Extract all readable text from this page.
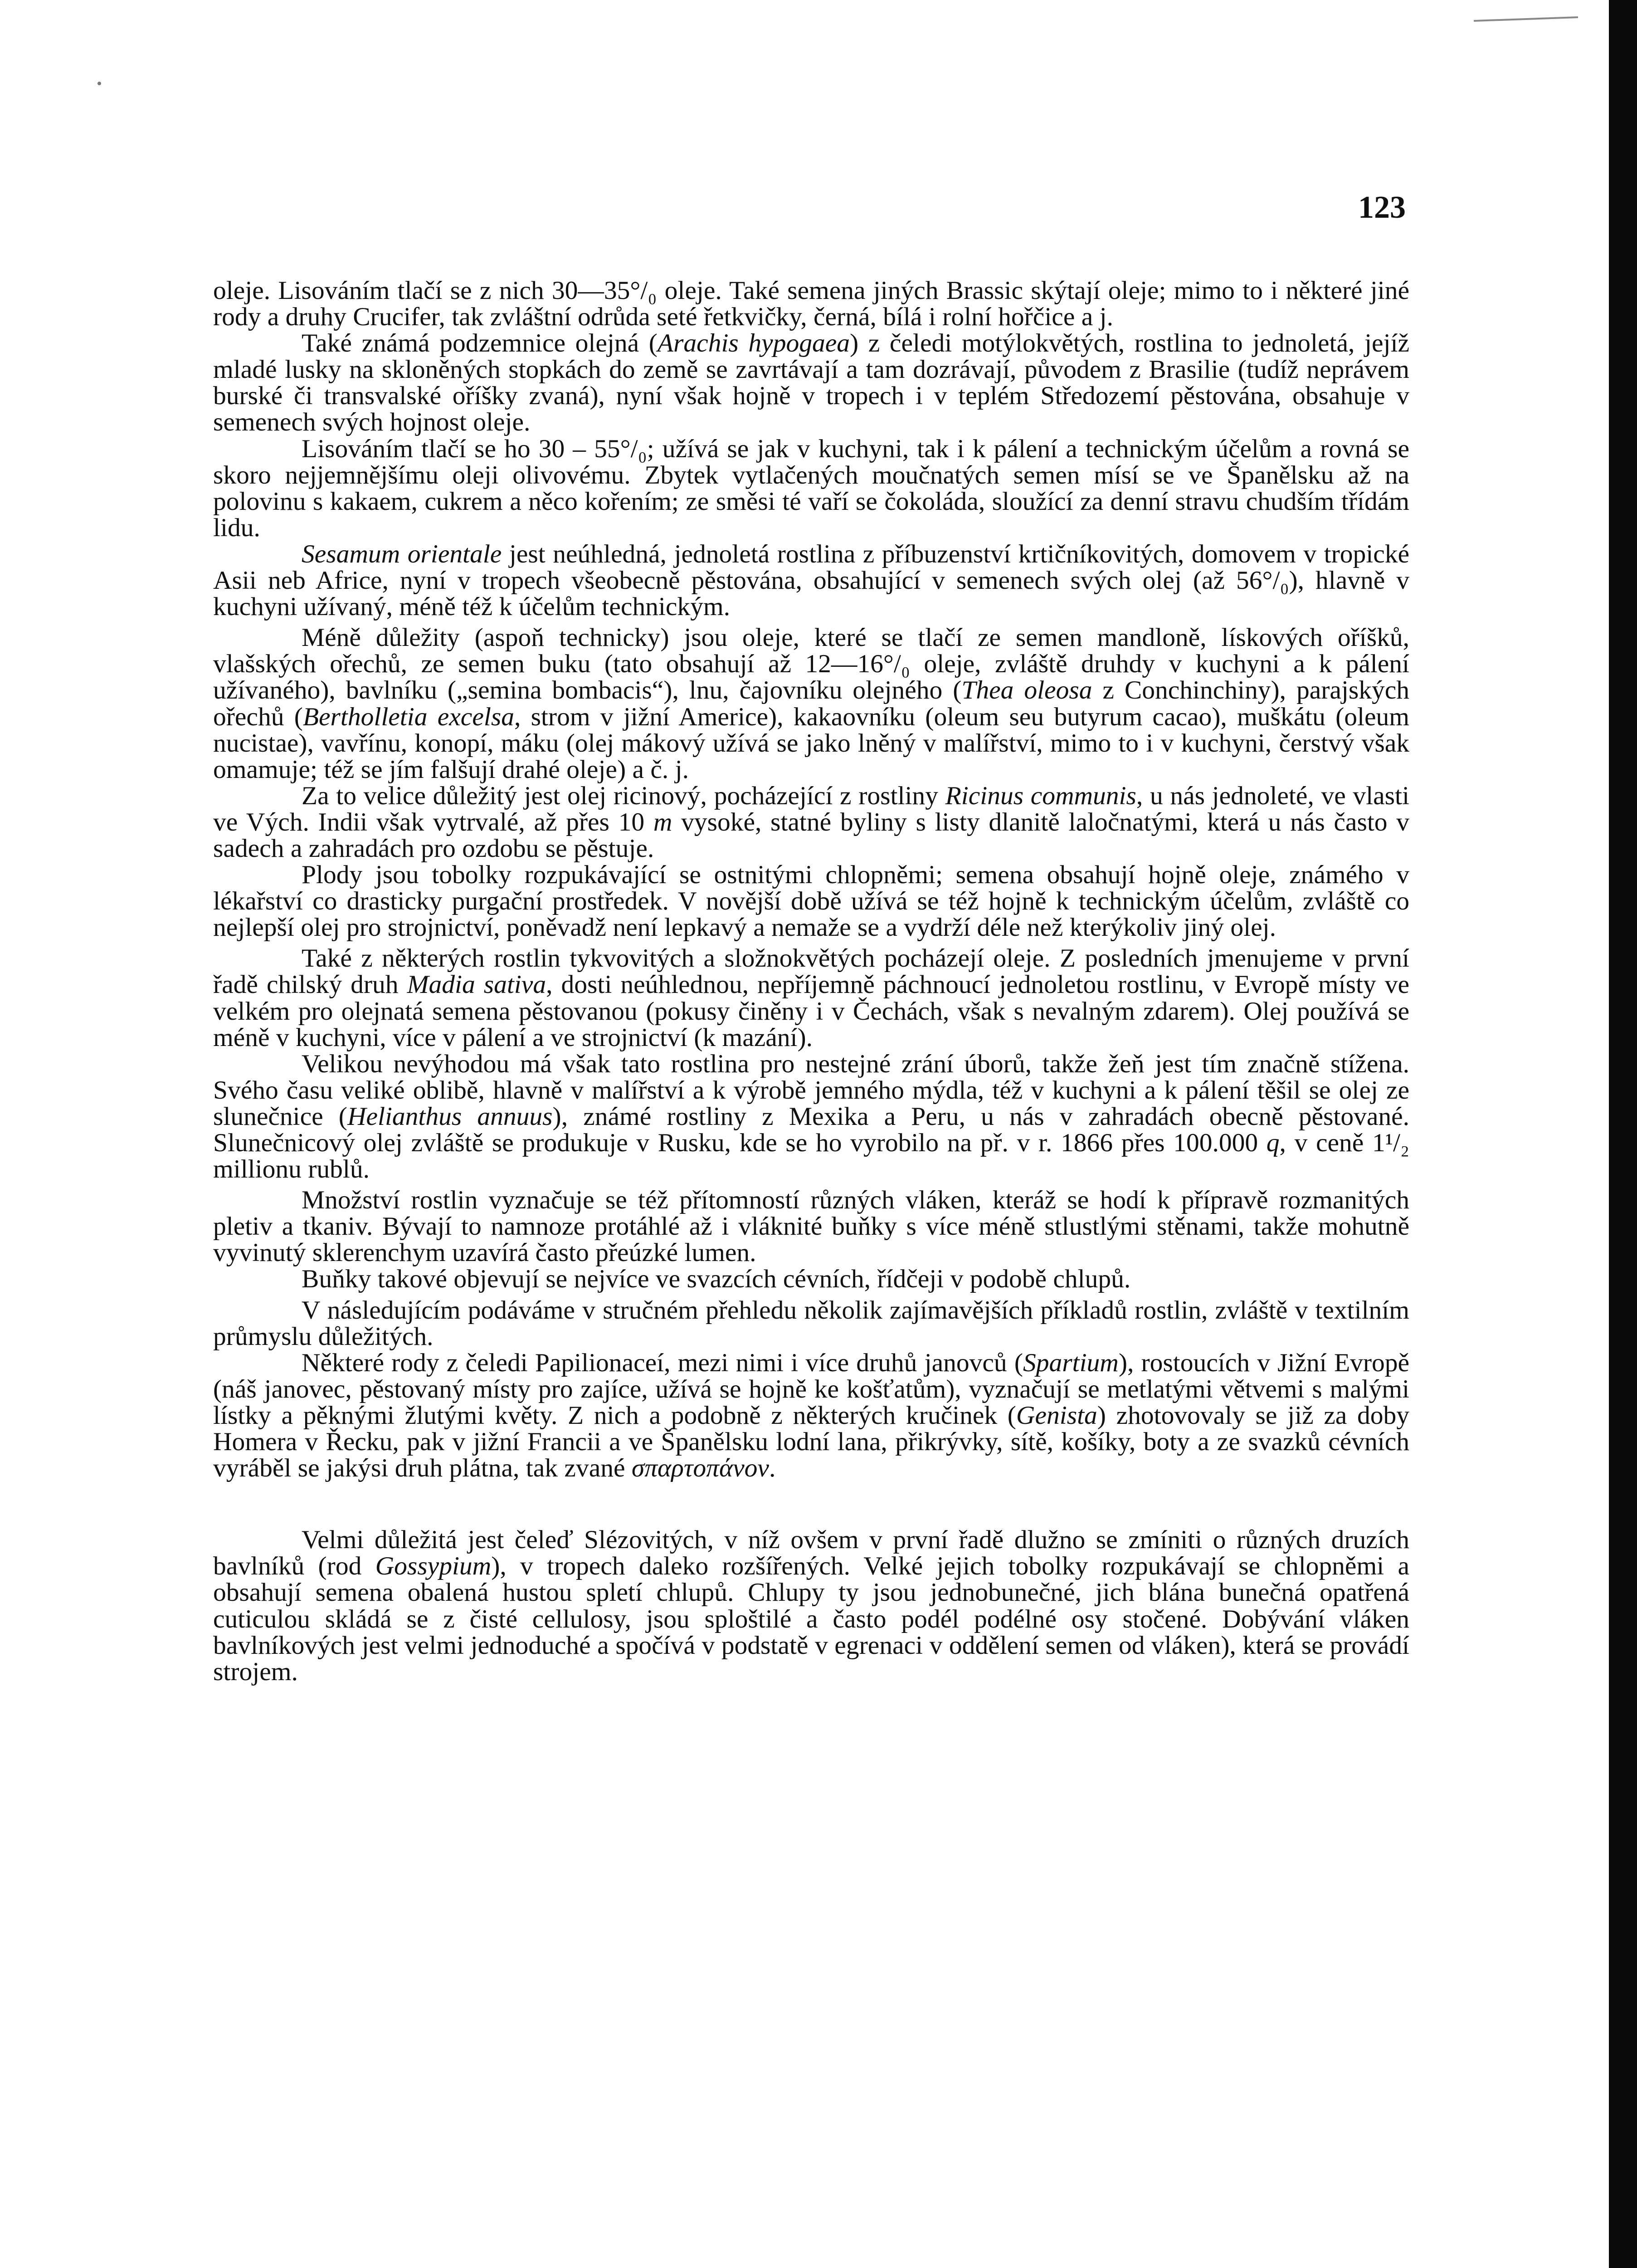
123

oleje. Lisováním tlačí se z nich 30—35°/₀ oleje. Také semena jiných Brassic skýtají oleje; mimo to i některé jiné rody a druhy Crucifer, tak zvláštní odrůda seté řetkvičky, černá, bílá i rolní hořčice a j.

Také známá podzemnice olejná (Arachis hypogaea) z čeledi motýlokvětých, rostlina to jednoletá, jejíž mladé lusky na skloněných stopkách do země se zavrtávají a tam dozrávají, původem z Brasilie (tudíž neprávem burské či transvalské oříšky zvaná), nyní však hojně v tropech i v teplém Středozemí pěstována, obsahuje v semenech svých hojnost oleje.

Lisováním tlačí se ho 30 – 55°/₀; užívá se jak v kuchyni, tak i k pálení a technickým účelům a rovná se skoro nejjemnějšímu oleji olivovému. Zbytek vytlačených moučnatých semen mísí se ve Španělsku až na polovinu s kakaem, cukrem a něco kořením; ze směsi té vaří se čokoláda, sloužící za denní stravu chudším třídám lidu.

Sesamum orientale jest neúhledná, jednoletá rostlina z příbuzenství krtičníkovitých, domovem v tropické Asii neb Africe, nyní v tropech všeobecně pěstována, obsahující v semenech svých olej (až 56°/₀), hlavně v kuchyni užívaný, méně též k účelům technickým.

Méně důležity (aspoň technicky) jsou oleje, které se tlačí ze semen mandloně, lískových oříšků, vlašských ořechů, ze semen buku (tato obsahují až 12—16°/₀ oleje, zvláště druhdy v kuchyni a k pálení užívaného), bavlníku („semina bombacis“), lnu, čajovníku olejného (Thea oleosa z Conchinchiny), parajských ořechů (Bertholletia excelsa, strom v jižní Americe), kakaovníku (oleum seu butyrum cacao), muškátu (oleum nucistae), vavřínu, konopí, máku (olej mákový užívá se jako lněný v malířství, mimo to i v kuchyni, čerstvý však omamuje; též se jím falšují drahé oleje) a č. j.

Za to velice důležitý jest olej ricinový, pocházející z rostliny Ricinus communis, u nás jednoleté, ve vlasti ve Vých. Indii však vytrvalé, až přes 10 m vysoké, statné byliny s listy dlanitě laločnatými, která u nás často v sadech a zahradách pro ozdobu se pěstuje.

Plody jsou tobolky rozpukávající se ostnitými chlopněmi; semena obsahují hojně oleje, známého v lékařství co drasticky purgační prostředek. V novější době užívá se též hojně k technickým účelům, zvláště co nejlepší olej pro strojnictví, poněvadž není lepkavý a nemaže se a vydrží déle než kterýkoliv jiný olej.

Také z některých rostlin tykvovitých a složnokvětých pocházejí oleje. Z posledních jmenujeme v první řadě chilský druh Madia sativa, dosti neúhlednou, nepříjemně páchnoucí jednoletou rostlinu, v Evropě místy ve velkém pro olejnatá semena pěstovanou (pokusy činěny i v Čechách, však s nevalným zdarem). Olej používá se méně v kuchyni, více v pálení a ve strojnictví (k mazání).

Velikou nevýhodou má však tato rostlina pro nestejné zrání úborů, takže žeň jest tím značně stížena. Svého času veliké oblibě, hlavně v malířství a k výrobě jemného mýdla, též v kuchyni a k pálení těšil se olej ze slunečnice (Helianthus annuus), známé rostliny z Mexika a Peru, u nás v zahradách obecně pěstované. Slunečnicový olej zvláště se produkuje v Rusku, kde se ho vyrobilo na př. v r. 1866 přes 100.000 q, v ceně 1¹/₂ millionu rublů.

Množství rostlin vyznačuje se též přítomností různých vláken, kteráž se hodí k přípravě rozmanitých pletiv a tkaniv. Bývají to namnoze protáhlé až i vláknité buňky s více méně stlustlými stěnami, takže mohutně vyvinutý sklerenchym uzavírá často přeúzké lumen.

Buňky takové objevují se nejvíce ve svazcích cévních, řídčeji v podobě chlupů.

V následujícím podáváme v stručném přehledu několik zajímavějších příkladů rostlin, zvláště v textilním průmyslu důležitých.

Některé rody z čeledi Papilionaceí, mezi nimi i více druhů janovců (Spartium), rostoucích v Jižní Evropě (náš janovec, pěstovaný místy pro zajíce, užívá se hojně ke košťatům), vyznačují se metlatými větvemi s malými lístky a pěknými žlutými květy. Z nich a podobně z některých kručinek (Genista) zhotovovaly se již za doby Homera v Řecku, pak v jižní Francii a ve Španělsku lodní lana, přikrývky, sítě, košíky, boty a ze svazků cévních vyráběl se jakýsi druh plátna, tak zvané σπαρτοπάνον.

Velmi důležitá jest čeleď Slézovitých, v níž ovšem v první řadě dlužno se zmíniti o různých druzích bavlníků (rod Gossypium), v tropech daleko rozšířených. Velké jejich tobolky rozpukávají se chlopněmi a obsahují semena obalená hustou spletí chlupů. Chlupy ty jsou jednobunečné, jich blána bunečná opatřená cuticulou skládá se z čisté cellulosy, jsou sploštilé a často podél podélné osy stočené. Dobývání vláken bavlníkových jest velmi jednoduché a spočívá v podstatě v egrenaci v oddělení semen od vláken), která se provádí strojem.
